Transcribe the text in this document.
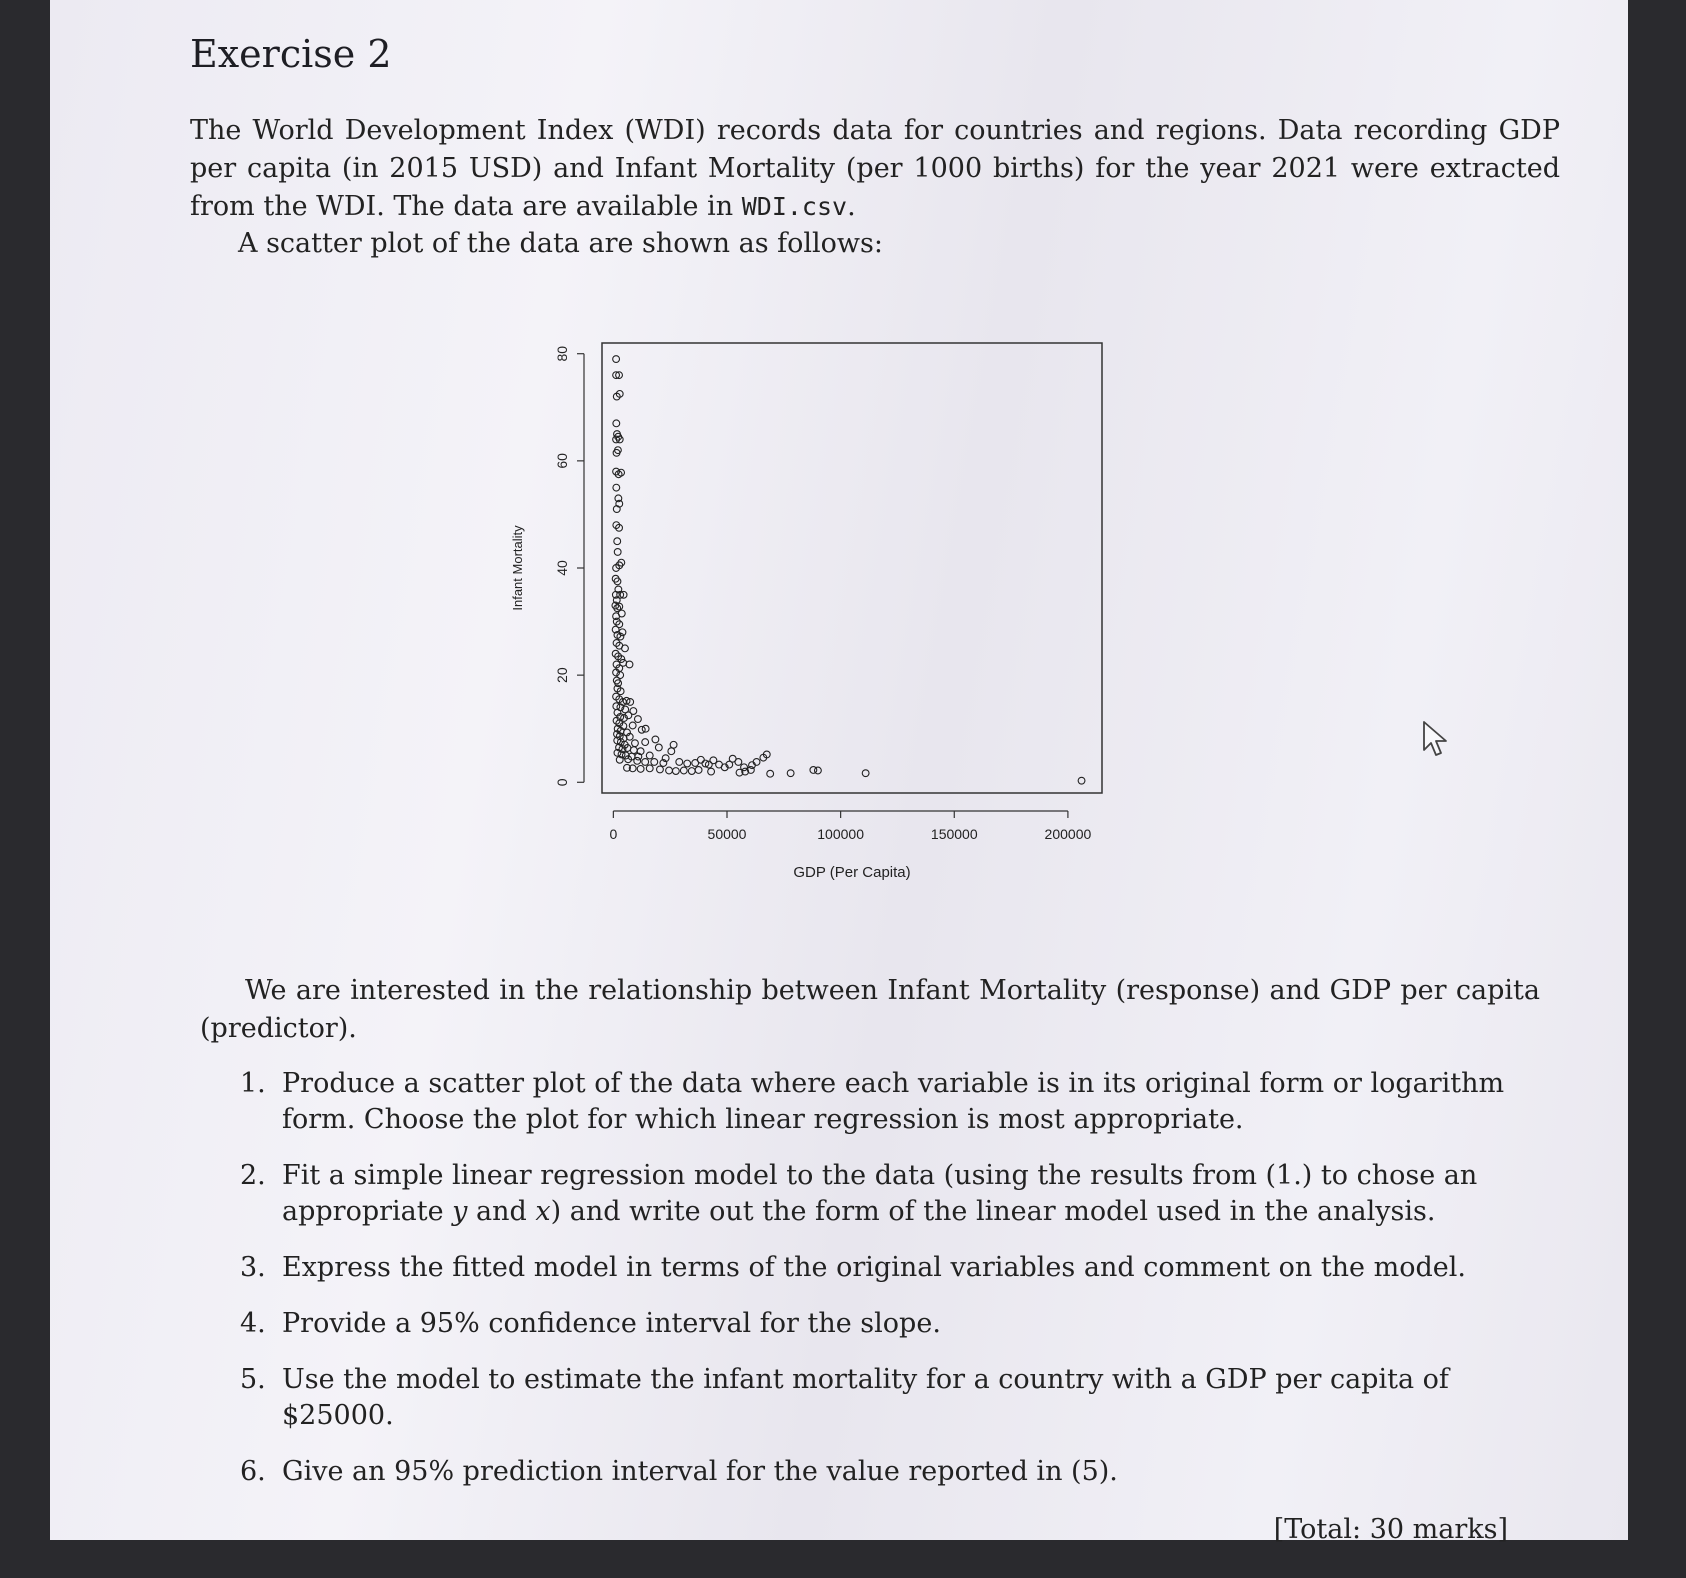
Exercise 2
The World Development Index (WDI) records data for countries and regions. Data recording GDP per capita (in 2015 USD) and Infant Mortality (per 1000 births) for the year 2021 were extracted from the WDI. The data are available in WDI.csv.
A scatter plot of the data are shown as follows:
0	50000	100000	150000	200000
0
20
40
60
80
GDP (Per Capita)
Infant Mortality
We are interested in the relationship between Infant Mortality (response) and GDP per capita (predictor).
1. Produce a scatter plot of the data where each variable is in its original form or logarithm form. Choose the plot for which linear regression is most appropriate.
2. Fit a simple linear regression model to the data (using the results from (1.) to chose an appropriate y and x) and write out the form of the linear model used in the analysis.
3. Express the fitted model in terms of the original variables and comment on the model.
4. Provide a 95% confidence interval for the slope.
5. Use the model to estimate the infant mortality for a country with a GDP per capita of $25000.
6. Give an 95% prediction interval for the value reported in (5).
[Total: 30 marks]
